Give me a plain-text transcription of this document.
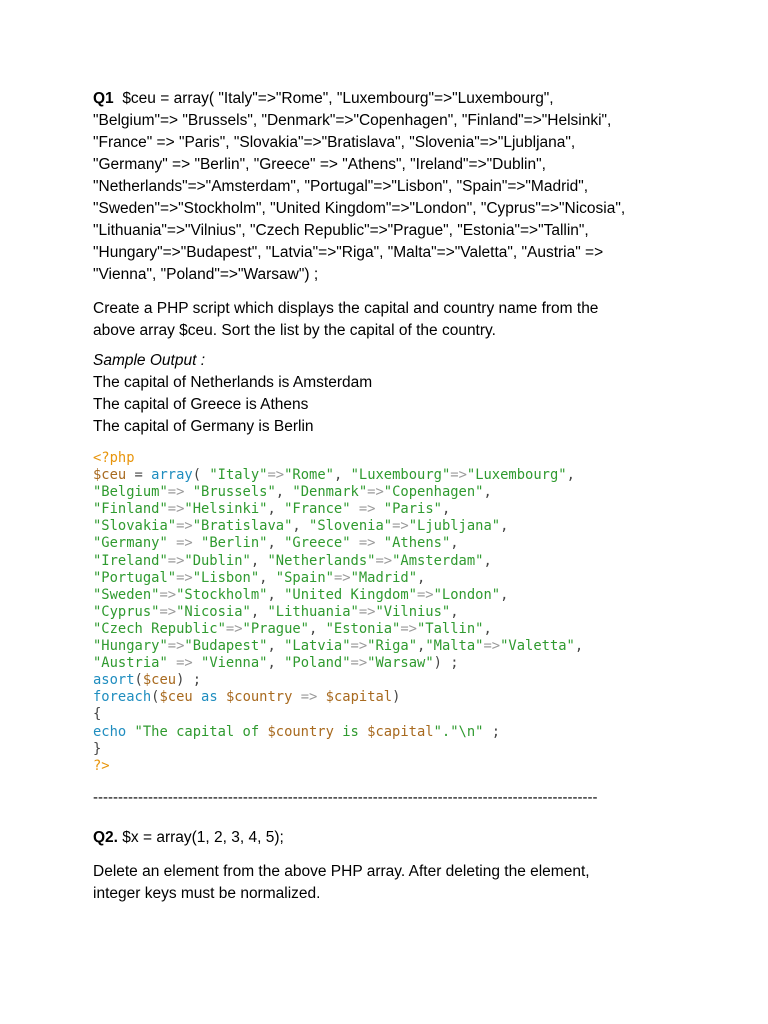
Q1 $ceu = array( "Italy"=>"Rome", "Luxembourg"=>"Luxembourg",
"Belgium"=> "Brussels", "Denmark"=>"Copenhagen", "Finland"=>"Helsinki",
"France" => "Paris", "Slovakia"=>"Bratislava", "Slovenia"=>"Ljubljana",
"Germany" => "Berlin", "Greece" => "Athens", "Ireland"=>"Dublin",
"Netherlands"=>"Amsterdam", "Portugal"=>"Lisbon", "Spain"=>"Madrid",
"Sweden"=>"Stockholm", "United Kingdom"=>"London", "Cyprus"=>"Nicosia",
"Lithuania"=>"Vilnius", "Czech Republic"=>"Prague", "Estonia"=>"Tallin",
"Hungary"=>"Budapest", "Latvia"=>"Riga", "Malta"=>"Valetta", "Austria" =>
"Vienna", "Poland"=>"Warsaw") ;
Create a PHP script which displays the capital and country name from the
above array $ceu. Sort the list by the capital of the country.
Sample Output :
The capital of Netherlands is Amsterdam
The capital of Greece is Athens
The capital of Germany is Berlin
<?php
$ceu = array( "Italy"=>"Rome", "Luxembourg"=>"Luxembourg",
"Belgium"=> "Brussels", "Denmark"=>"Copenhagen",
"Finland"=>"Helsinki", "France" => "Paris",
"Slovakia"=>"Bratislava", "Slovenia"=>"Ljubljana",
"Germany" => "Berlin", "Greece" => "Athens",
"Ireland"=>"Dublin", "Netherlands"=>"Amsterdam",
"Portugal"=>"Lisbon", "Spain"=>"Madrid",
"Sweden"=>"Stockholm", "United Kingdom"=>"London",
"Cyprus"=>"Nicosia", "Lithuania"=>"Vilnius",
"Czech Republic"=>"Prague", "Estonia"=>"Tallin",
"Hungary"=>"Budapest", "Latvia"=>"Riga","Malta"=>"Valetta",
"Austria" => "Vienna", "Poland"=>"Warsaw") ;
asort($ceu) ;
foreach($ceu as $country => $capital)
{
echo "The capital of $country is $capital"."\n" ;
}
?>
-----------------------------------------------------------------------------------------------------
Q2. $x = array(1, 2, 3, 4, 5);
Delete an element from the above PHP array. After deleting the element,
integer keys must be normalized.
